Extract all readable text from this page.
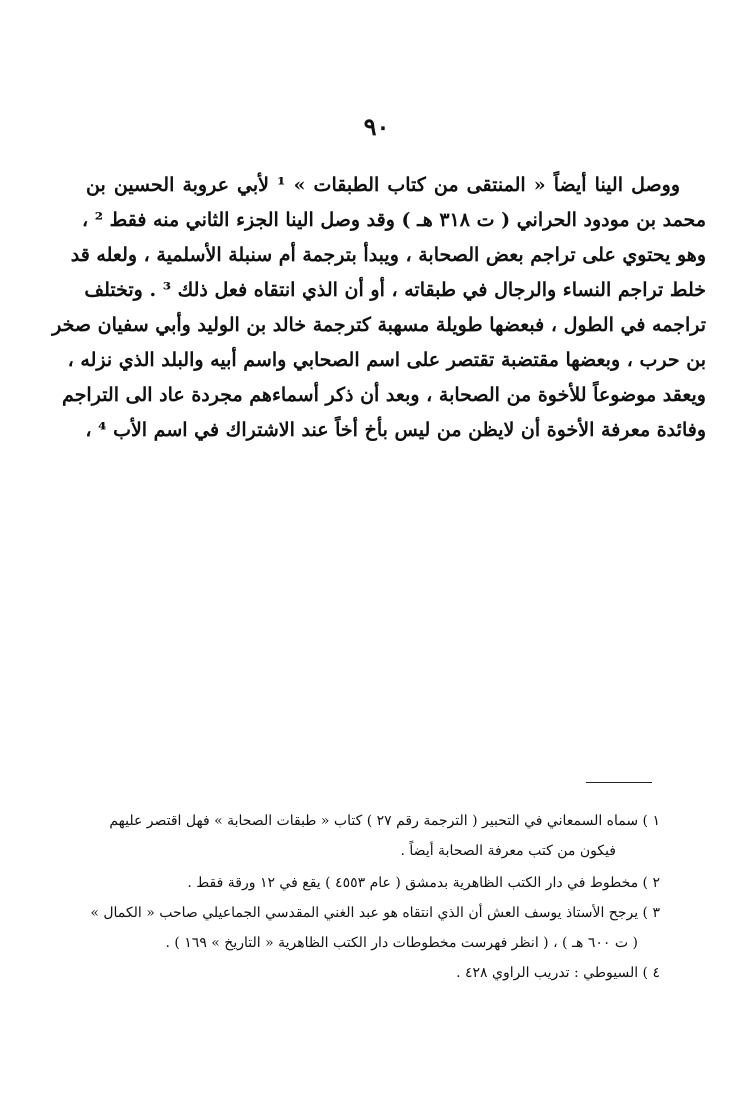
٩٠
ووصل الينا أيضاً « المنتقى من كتاب الطبقات » ¹ لأبي عروبة الحسين بن
محمد بن مودود الحراني ( ت ٣١٨ هـ ) وقد وصل الينا الجزء الثاني منه فقط ² ،
وهو يحتوي على تراجم بعض الصحابة ، ويبدأ بترجمة أم سنبلة الأسلمية ، ولعله قد
خلط تراجم النساء والرجال في طبقاته ، أو أن الذي انتقاه فعل ذلك ³ . وتختلف
تراجمه في الطول ، فبعضها طويلة مسهبة كترجمة خالد بن الوليد وأبي سفيان صخر
بن حرب ، وبعضها مقتضبة تقتصر على اسم الصحابي واسم أبيه والبلد الذي نزله ،
ويعقد موضوعاً للأخوة من الصحابة ، وبعد أن ذكر أسماءهم مجردة عاد الى التراجم
وفائدة معرفة الأخوة أن لايظن من ليس بأخ أخاً عند الاشتراك في اسم الأب ⁴ ،
١ ) سماه السمعاني في التحبير ( الترجمة رقم ٢٧ ) كتاب « طبقات الصحابة » فهل اقتصر عليهم
فيكون من كتب معرفة الصحابة أيضاً .
٢ ) مخطوط في دار الكتب الظاهرية بدمشق ( عام ٤٥٥٣ ) يقع في ١٢ ورقة فقط .
٣ ) يرجح الأستاذ يوسف العش أن الذي انتقاه هو عبد الغني المقدسي الجماعيلي صاحب « الكمال »
( ت ٦٠٠ هـ ) ، ( انظر فهرست مخطوطات دار الكتب الظاهرية « التاريخ » ١٦٩ ) .
٤ ) السيوطي : تدريب الراوي ٤٢٨ .
